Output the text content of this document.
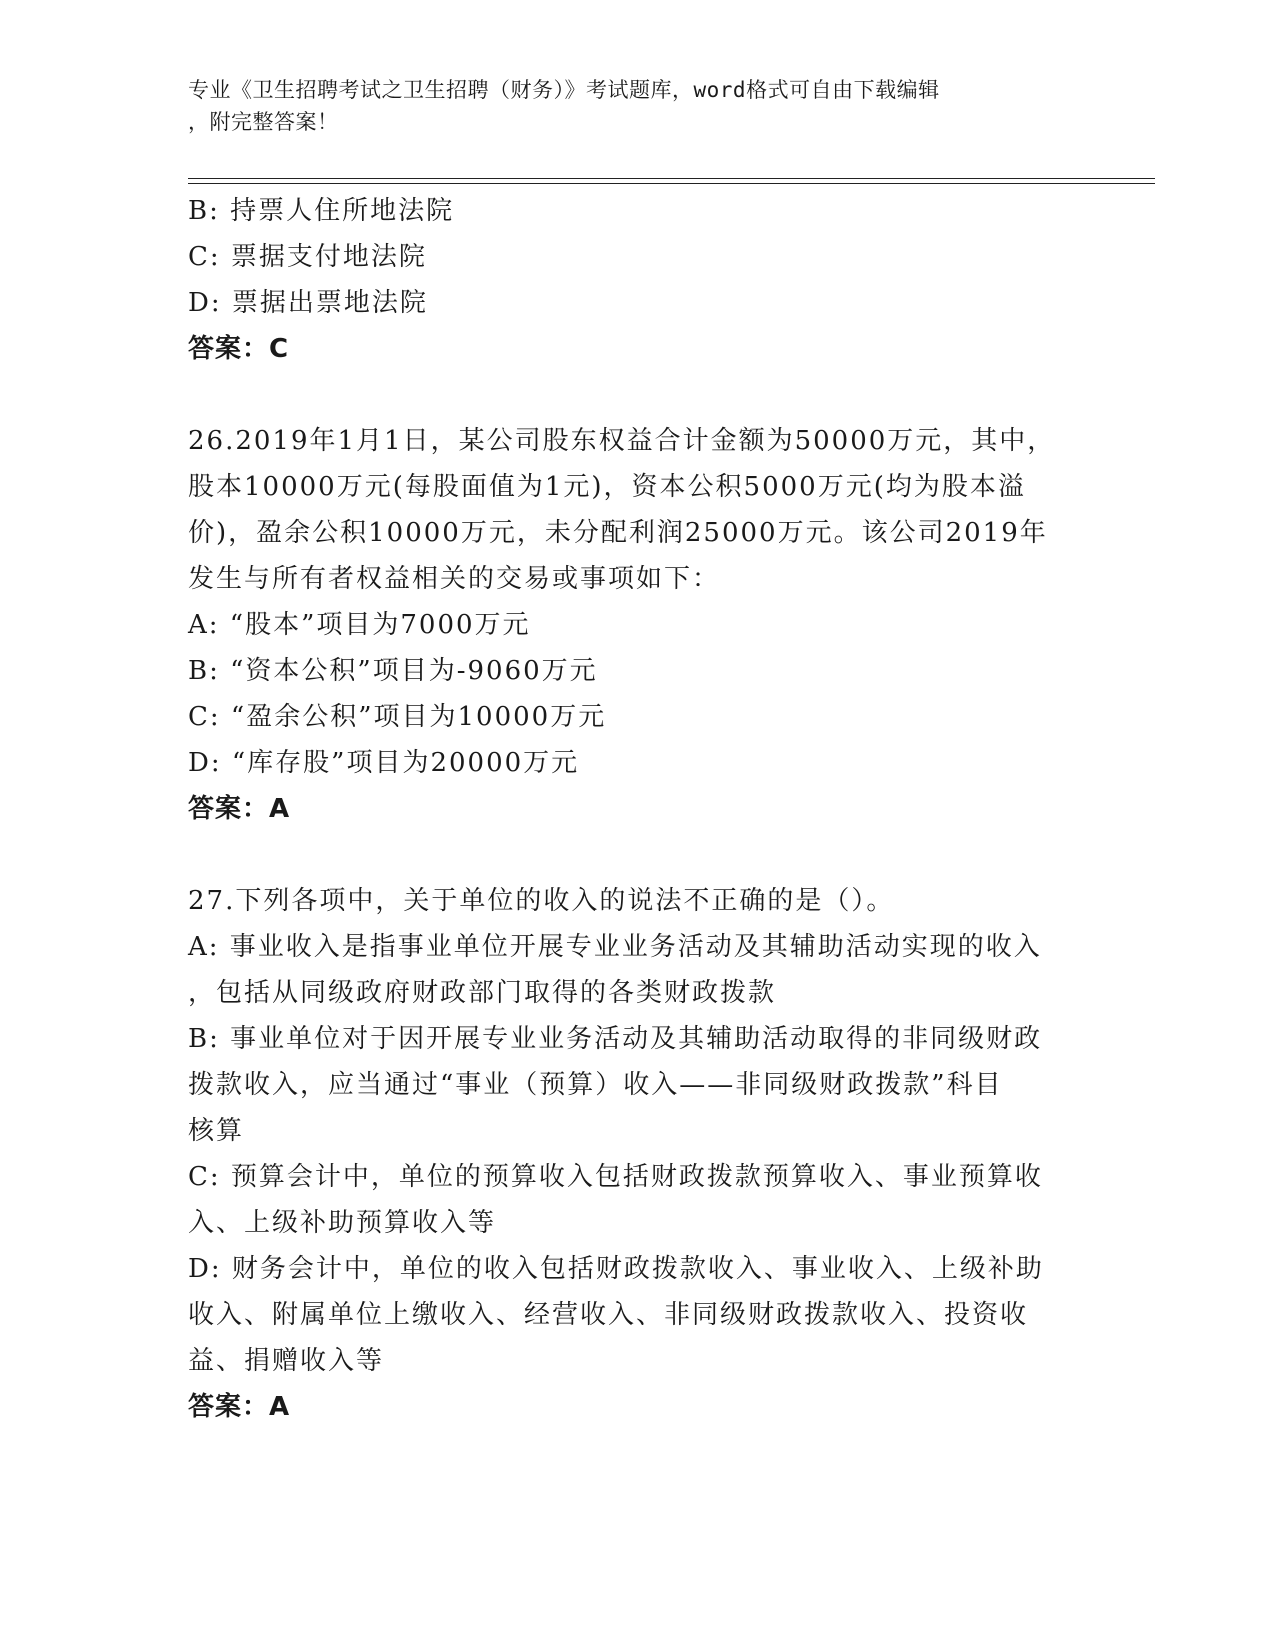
专业《卫生招聘考试之卫生招聘（财务）》考试题库，word格式可自由下载编辑

，附完整答案！

B: 持票人住所地法院
C: 票据支付地法院
D: 票据出票地法院
答案：C
26.2019年1月1日，某公司股东权益合计金额为50000万元，其中，
股本10000万元(每股面值为1元)，资本公积5000万元(均为股本溢
价)，盈余公积10000万元，未分配利润25000万元。该公司2019年
发生与所有者权益相关的交易或事项如下：
A: “股本”项目为7000万元
B: “资本公积”项目为-9060万元
C: “盈余公积”项目为10000万元
D: “库存股”项目为20000万元
答案：A
27.下列各项中，关于单位的收入的说法不正确的是（）。
A: 事业收入是指事业单位开展专业业务活动及其辅助活动实现的收入
，包括从同级政府财政部门取得的各类财政拨款
B: 事业单位对于因开展专业业务活动及其辅助活动取得的非同级财政
拨款收入，应当通过“事业（预算）收入——非同级财政拨款”科目
核算
C: 预算会计中，单位的预算收入包括财政拨款预算收入、事业预算收
入、上级补助预算收入等
D: 财务会计中，单位的收入包括财政拨款收入、事业收入、上级补助
收入、附属单位上缴收入、经营收入、非同级财政拨款收入、投资收
益、捐赠收入等
答案：A
